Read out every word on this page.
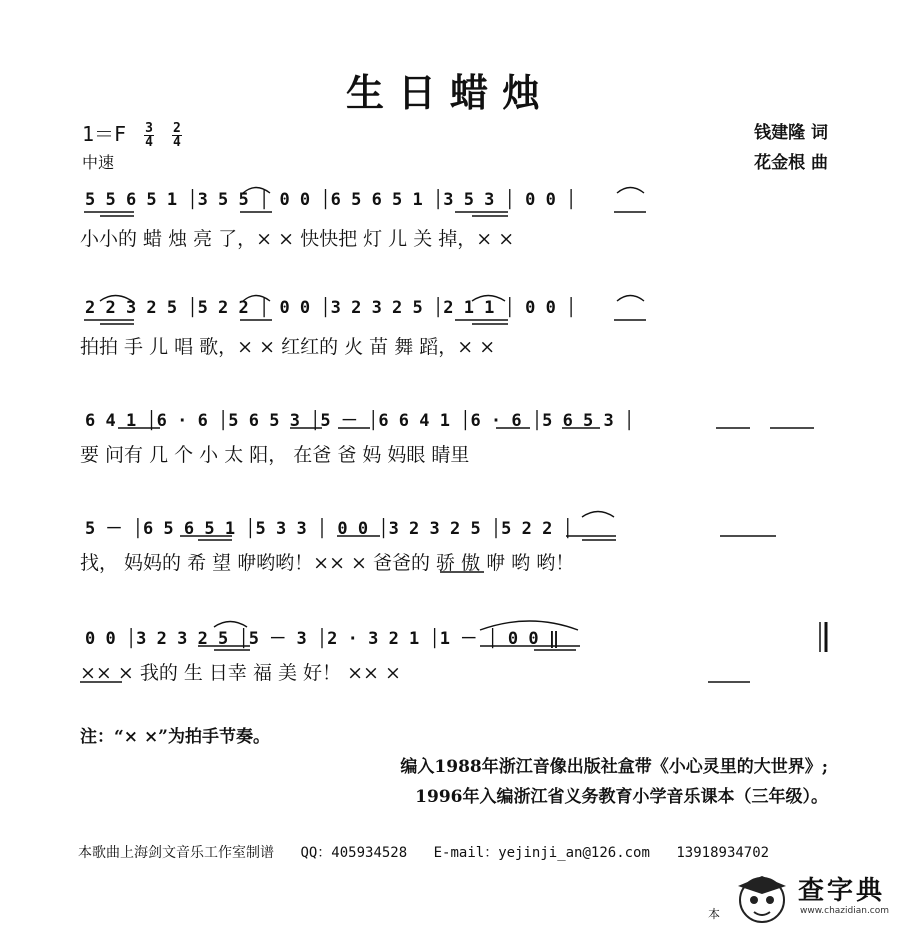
生日蜡烛
$1=F \frac{3}{4}$
$\frac{2}{4}$
中速
钱建隆 词
花金根 曲
5 5 6 5 1 │3 5 5 │ 0 0 │6 5 6 5 1 │3 5 3 │ 0 0 │
小小的 蜡 烛 亮 了，× × 快快把 灯 儿 关 掉，× ×
2 2 3 2 5 │5 2 2 │ 0 0 │3 2 3 2 5 │2 1 1 │ 0 0 │
拍拍 手 儿 唱 歌，× × 红红的 火 苗 舞 蹈，× ×
6 4 1 │6 · 6 │5 6 5 3 │5 － │6 6 4 1 │6 · 6 │5 6 5 3 │
要 问有 几 个 小 太 阳， 在爸 爸 妈 妈眼 睛里
5 － │6 5 6 5 1 │5 3 3 │ 0 0 │3 2 3 2 5 │5 2 2 │
找， 妈妈的 希 望 咿哟哟！×× × 爸爸的 骄 傲 咿 哟 哟！
0 0 │3 2 3 2 5 │5 － 3 │2 · 3 2 1 │1 － │ 0 0 ‖
×× × 我的 生 日幸 福 美 好！ ×× ×
注：“× ×”为拍手节奏。
编入1988年浙江音像出版社盒带《小心灵里的大世界》;
1996年入编浙江省义务教育小学音乐课本（三年级）。
本歌曲上海剑文音乐工作室制谱 QQ：405934528 E-mail：yejinji_an@126.com 13918934702
本
查字典
www.chazidian.com
